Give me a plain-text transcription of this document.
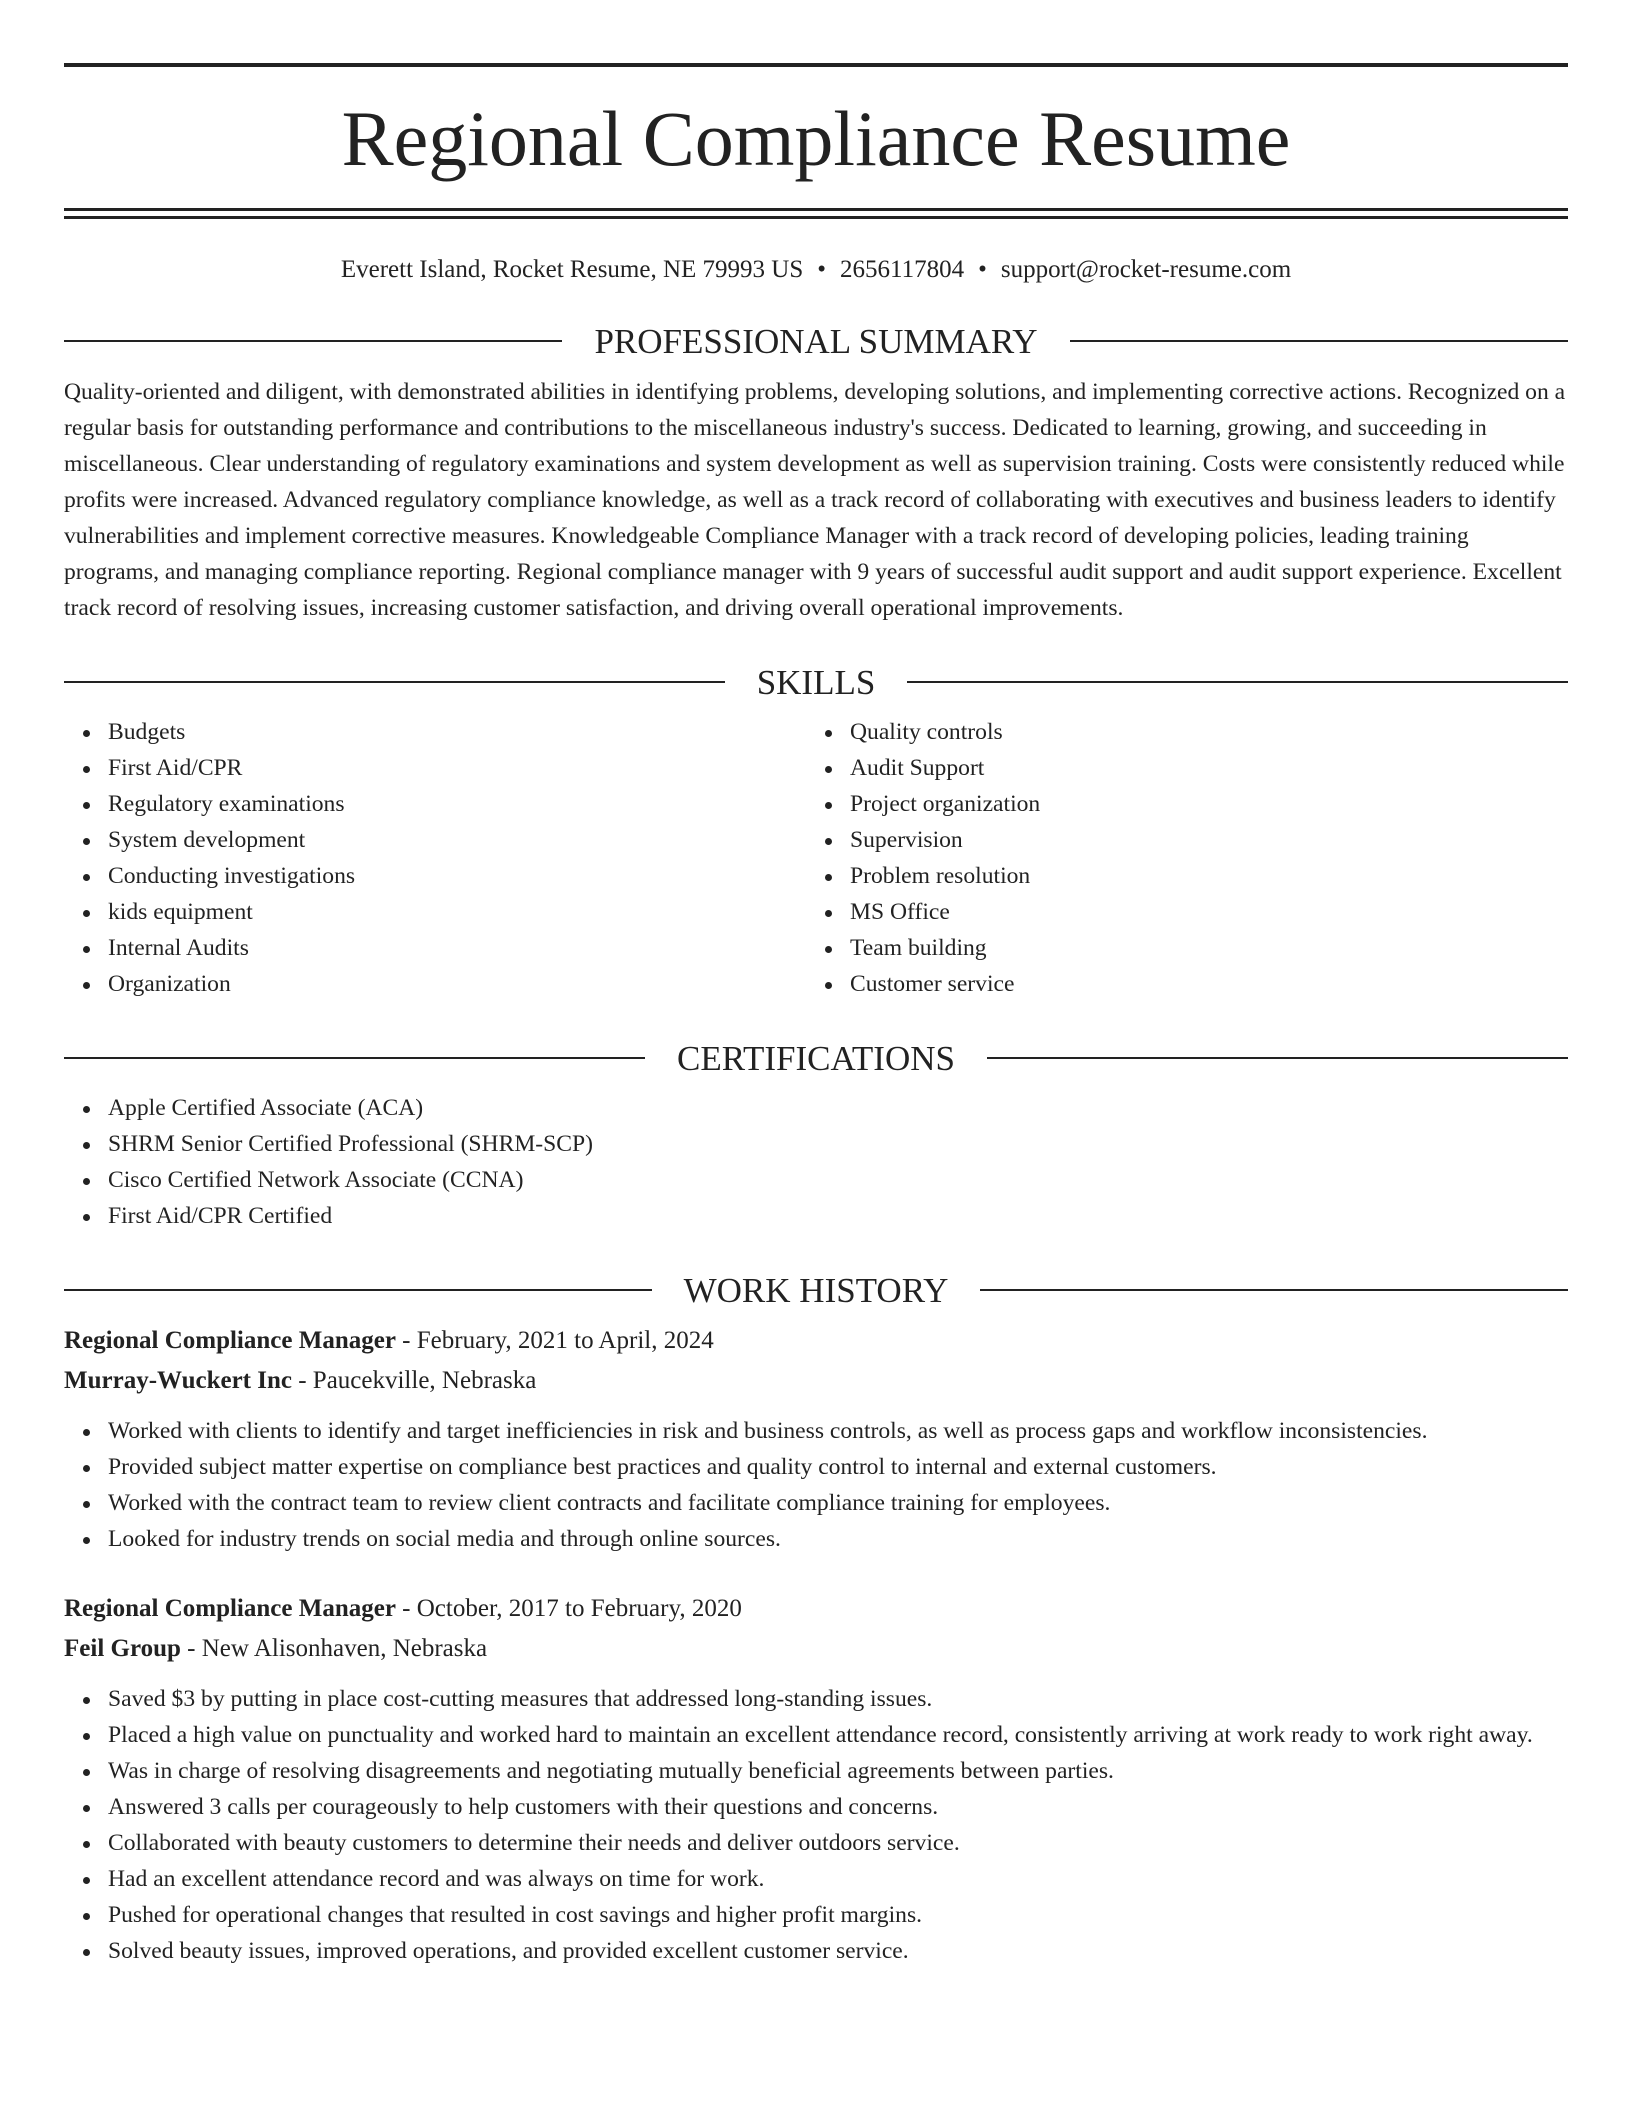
Regional Compliance Resume
Everett Island, Rocket Resume, NE 79993 US • 2656117804 • support@rocket-resume.com
PROFESSIONAL SUMMARY
Quality-oriented and diligent, with demonstrated abilities in identifying problems, developing solutions, and implementing corrective actions. Recognized on a regular basis for outstanding performance and contributions to the miscellaneous industry's success. Dedicated to learning, growing, and succeeding in miscellaneous. Clear understanding of regulatory examinations and system development as well as supervision training. Costs were consistently reduced while profits were increased. Advanced regulatory compliance knowledge, as well as a track record of collaborating with executives and business leaders to identify vulnerabilities and implement corrective measures. Knowledgeable Compliance Manager with a track record of developing policies, leading training programs, and managing compliance reporting. Regional compliance manager with 9 years of successful audit support and audit support experience. Excellent track record of resolving issues, increasing customer satisfaction, and driving overall operational improvements.
SKILLS
Budgets
First Aid/CPR
Regulatory examinations
System development
Conducting investigations
kids equipment
Internal Audits
Organization
Quality controls
Audit Support
Project organization
Supervision
Problem resolution
MS Office
Team building
Customer service
CERTIFICATIONS
Apple Certified Associate (ACA)
SHRM Senior Certified Professional (SHRM-SCP)
Cisco Certified Network Associate (CCNA)
First Aid/CPR Certified
WORK HISTORY
Regional Compliance Manager - February, 2021 to April, 2024
Murray-Wuckert Inc - Paucekville, Nebraska
Worked with clients to identify and target inefficiencies in risk and business controls, as well as process gaps and workflow inconsistencies.
Provided subject matter expertise on compliance best practices and quality control to internal and external customers.
Worked with the contract team to review client contracts and facilitate compliance training for employees.
Looked for industry trends on social media and through online sources.
Regional Compliance Manager - October, 2017 to February, 2020
Feil Group - New Alisonhaven, Nebraska
Saved $3 by putting in place cost-cutting measures that addressed long-standing issues.
Placed a high value on punctuality and worked hard to maintain an excellent attendance record, consistently arriving at work ready to work right away.
Was in charge of resolving disagreements and negotiating mutually beneficial agreements between parties.
Answered 3 calls per courageously to help customers with their questions and concerns.
Collaborated with beauty customers to determine their needs and deliver outdoors service.
Had an excellent attendance record and was always on time for work.
Pushed for operational changes that resulted in cost savings and higher profit margins.
Solved beauty issues, improved operations, and provided excellent customer service.
